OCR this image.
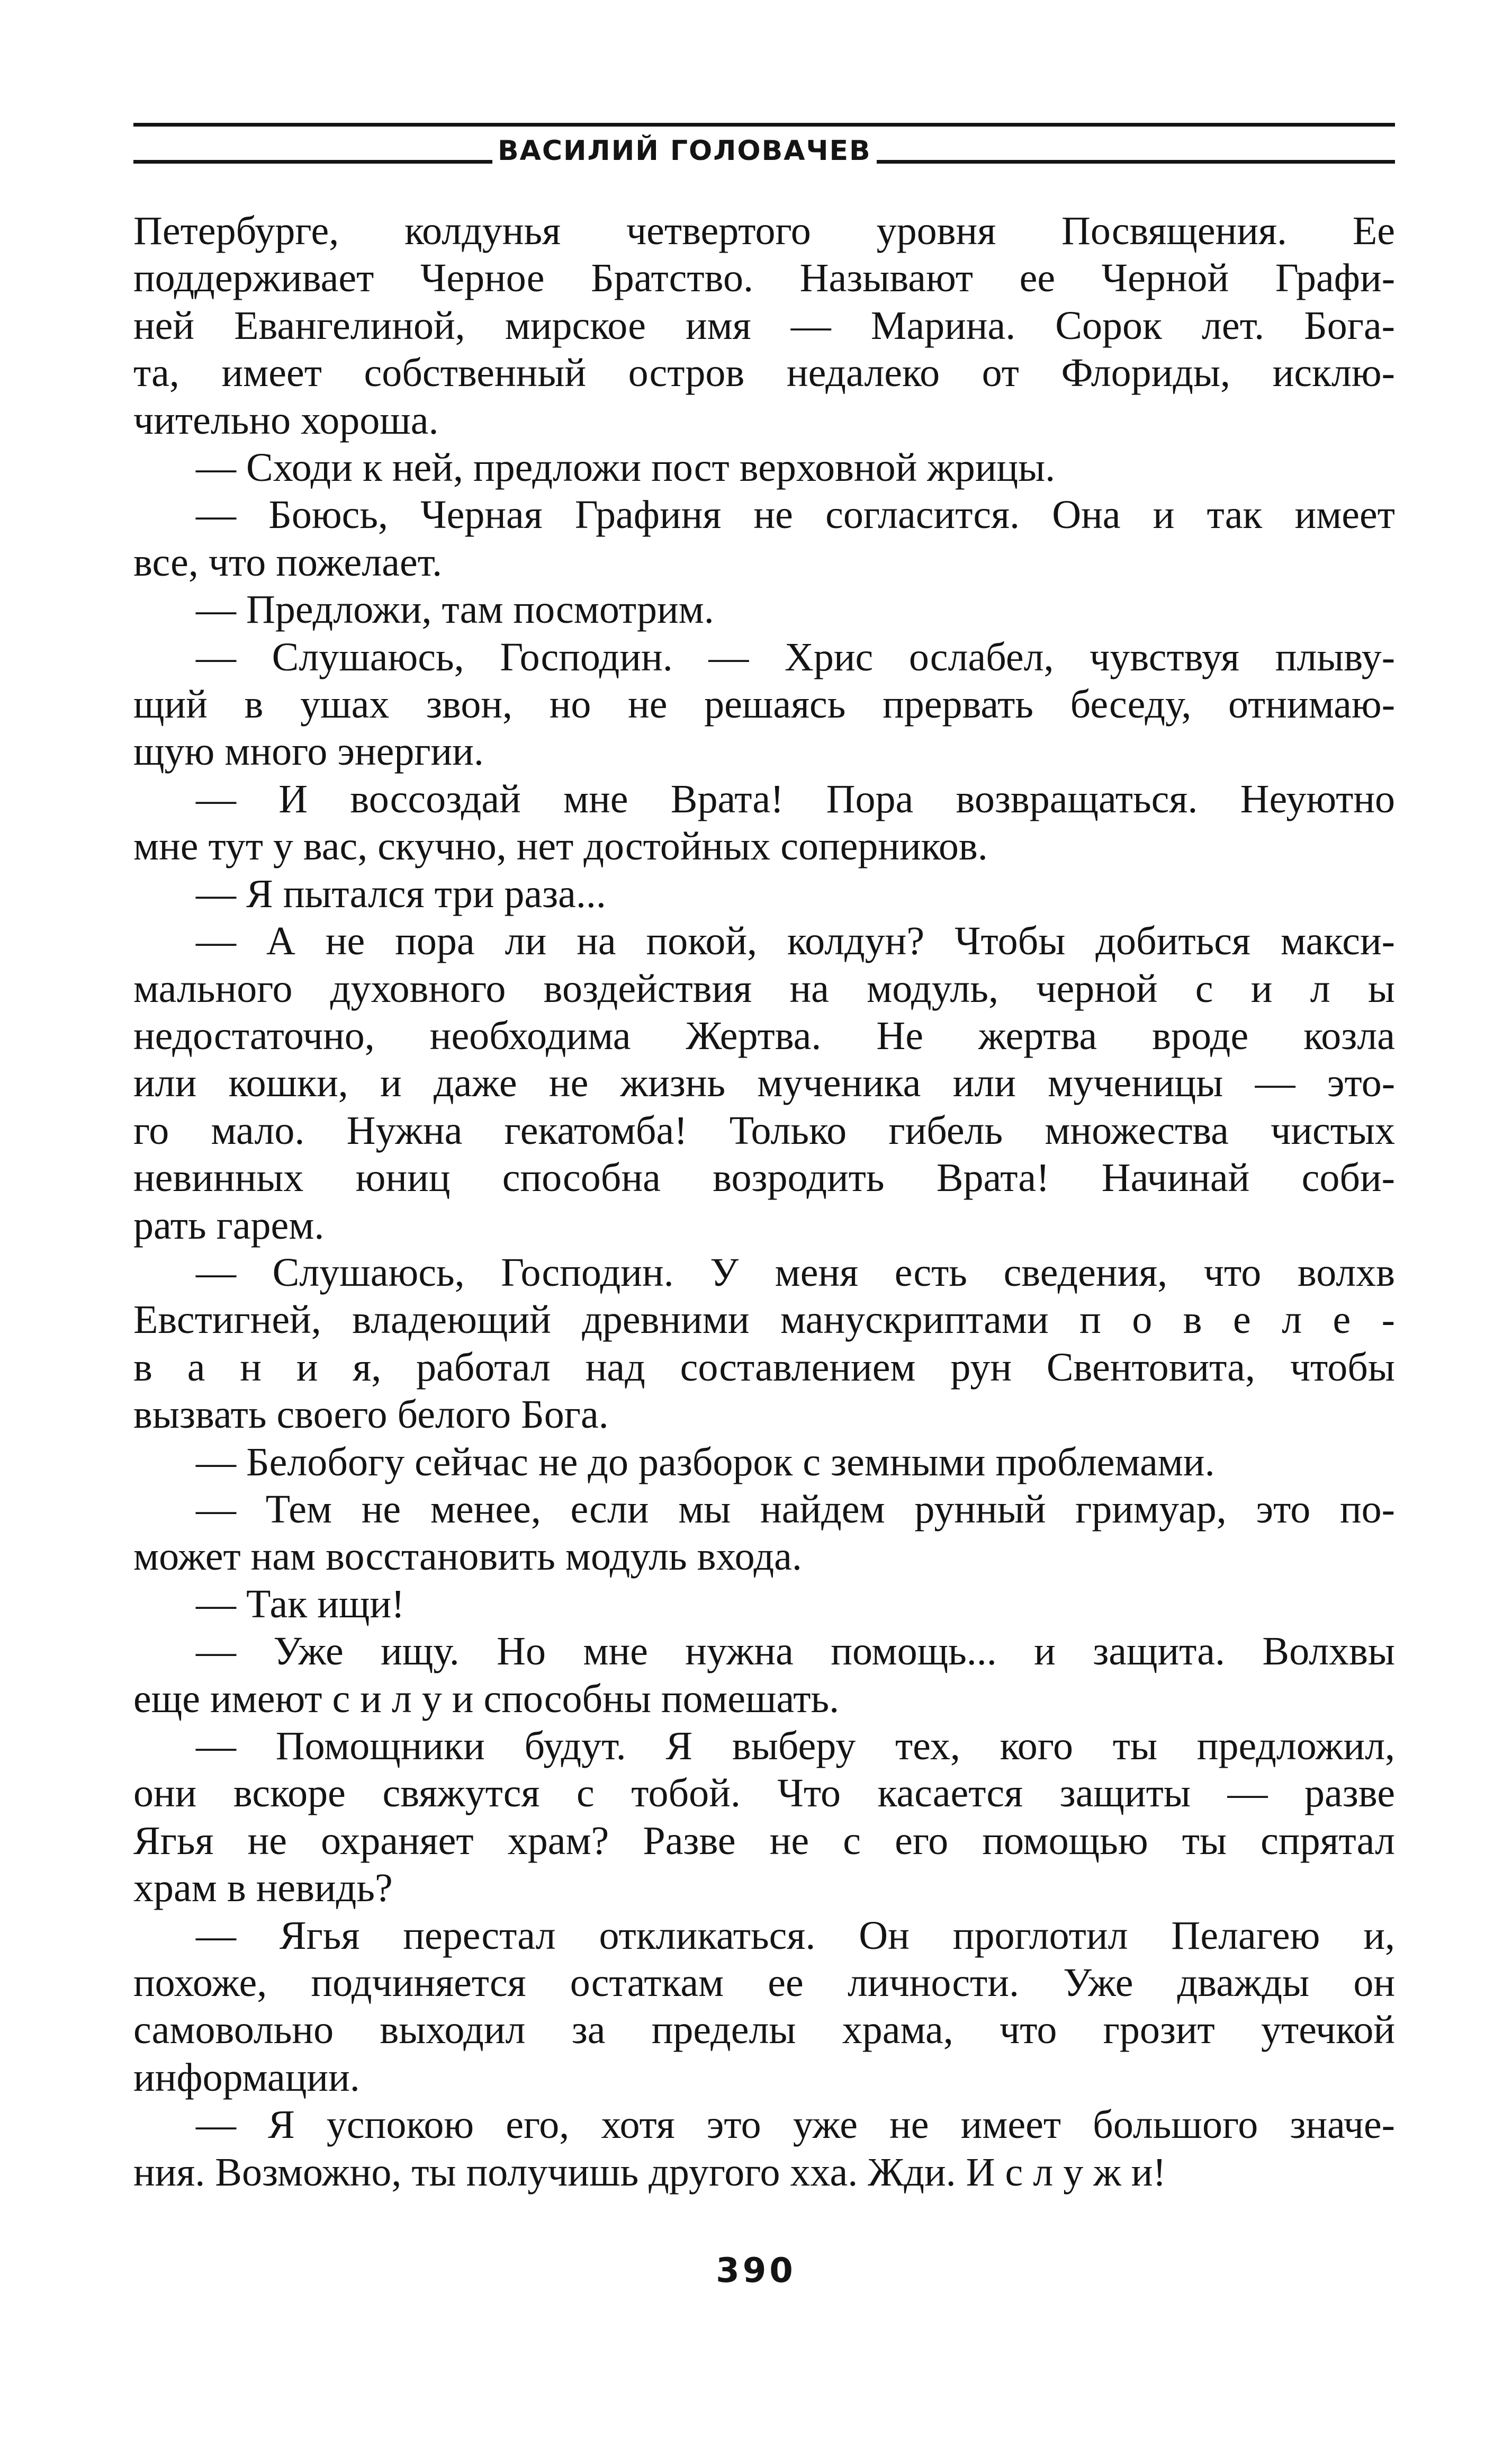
ВАСИЛИЙ ГОЛОВАЧЕВ

Петербурге, колдунья четвертого уровня Посвящения. Ее
поддерживает Черное Братство. Называют ее Черной Графи-
ней Евангелиной, мирское имя — Марина. Сорок лет. Бога-
та, имеет собственный остров недалеко от Флориды, исклю-
чительно хороша.

— Сходи к ней, предложи пост верховной жрицы.

— Боюсь, Черная Графиня не согласится. Она и так имеет
все, что пожелает.

— Предложи, там посмотрим.

— Слушаюсь, Господин. — Хрис ослабел, чувствуя плыву-
щий в ушах звон, но не решаясь прервать беседу, отнимаю-
щую много энергии.

— И воссоздай мне Врата! Пора возвращаться. Неуютно
мне тут у вас, скучно, нет достойных соперников.

— Я пытался три раза...

— А не пора ли на покой, колдун? Чтобы добиться макси-
мального духовного воздействия на модуль, черной с и л ы
недостаточно, необходима Жертва. Не жертва вроде козла
или кошки, и даже не жизнь мученика или мученицы — это-
го мало. Нужна гекатомба! Только гибель множества чистых
невинных юниц способна возродить Врата! Начинай соби-
рать гарем.

— Слушаюсь, Господин. У меня есть сведения, что волхв
Евстигней, владеющий древними манускриптами п о в е л е -
в а н и я, работал над составлением рун Свентовита, чтобы
вызвать своего белого Бога.

— Белобогу сейчас не до разборок с земными проблемами.

— Тем не менее, если мы найдем рунный гримуар, это по-
может нам восстановить модуль входа.

— Так ищи!

— Уже ищу. Но мне нужна помощь... и защита. Волхвы
еще имеют с и л у и способны помешать.

— Помощники будут. Я выберу тех, кого ты предложил,
они вскоре свяжутся с тобой. Что касается защиты — разве
Ягья не охраняет храм? Разве не с его помощью ты спрятал
храм в невидь?

— Ягья перестал откликаться. Он проглотил Пелагею и,
похоже, подчиняется остаткам ее личности. Уже дважды он
самовольно выходил за пределы храма, что грозит утечкой
информации.

— Я успокою его, хотя это уже не имеет большого значе-
ния. Возможно, ты получишь другого хха. Жди. И с л у ж и!

390
